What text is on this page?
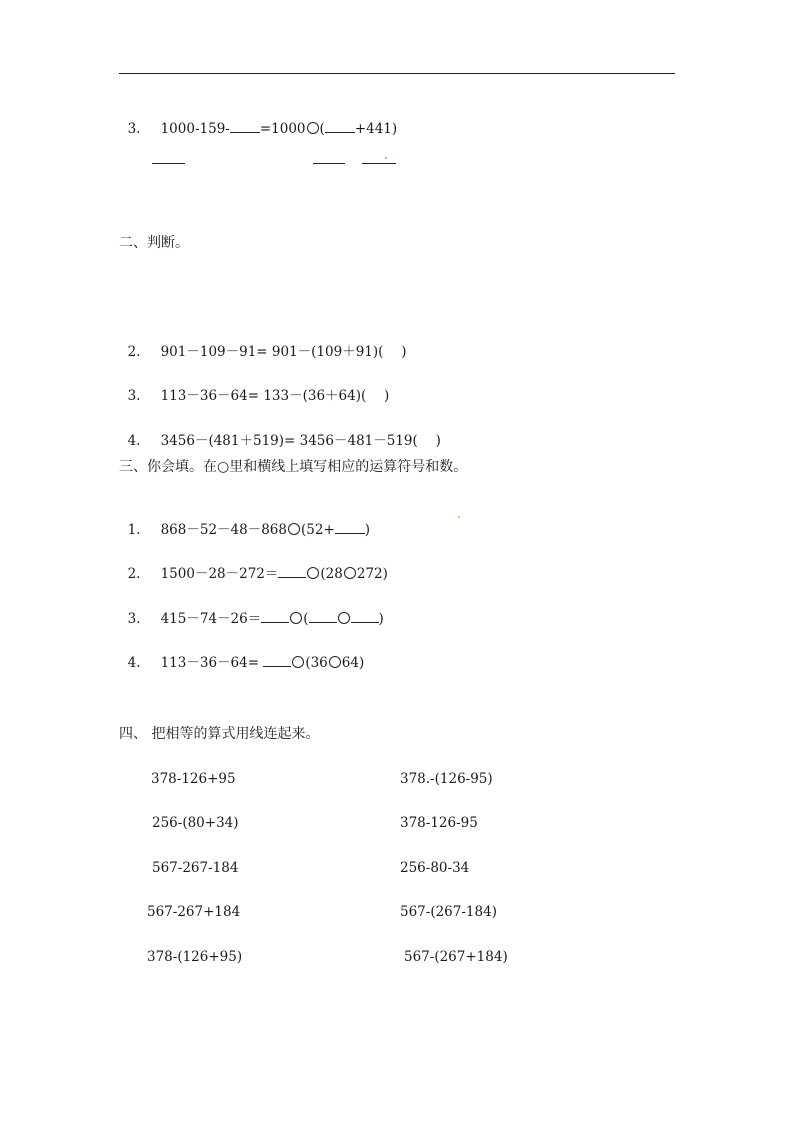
3. 1000-159- =1000 ( +441)

二、判断。

2. 901－109－91= 901－(109＋91)(　 )

3. 113－36－64= 133－(36＋64)(　 )

4. 3456－(481＋519)= 3456－481－519(　 )

三、你会填。在○里和横线上填写相应的运算符号和数。

1. 868－52－48－868 (52+ )

2. 1500－28－272＝	(28 272)

3. 415－74－26＝	(	)

4. 113－36－64=	(36 64)

四、 把相等的算式用线连起来。
378-126+95
256-(80+34)
567-267-184
567-267+184
378-(126+95)
378.-(126-95)
378-126-95
256-80-34
567-(267-184)
567-(267+184)
